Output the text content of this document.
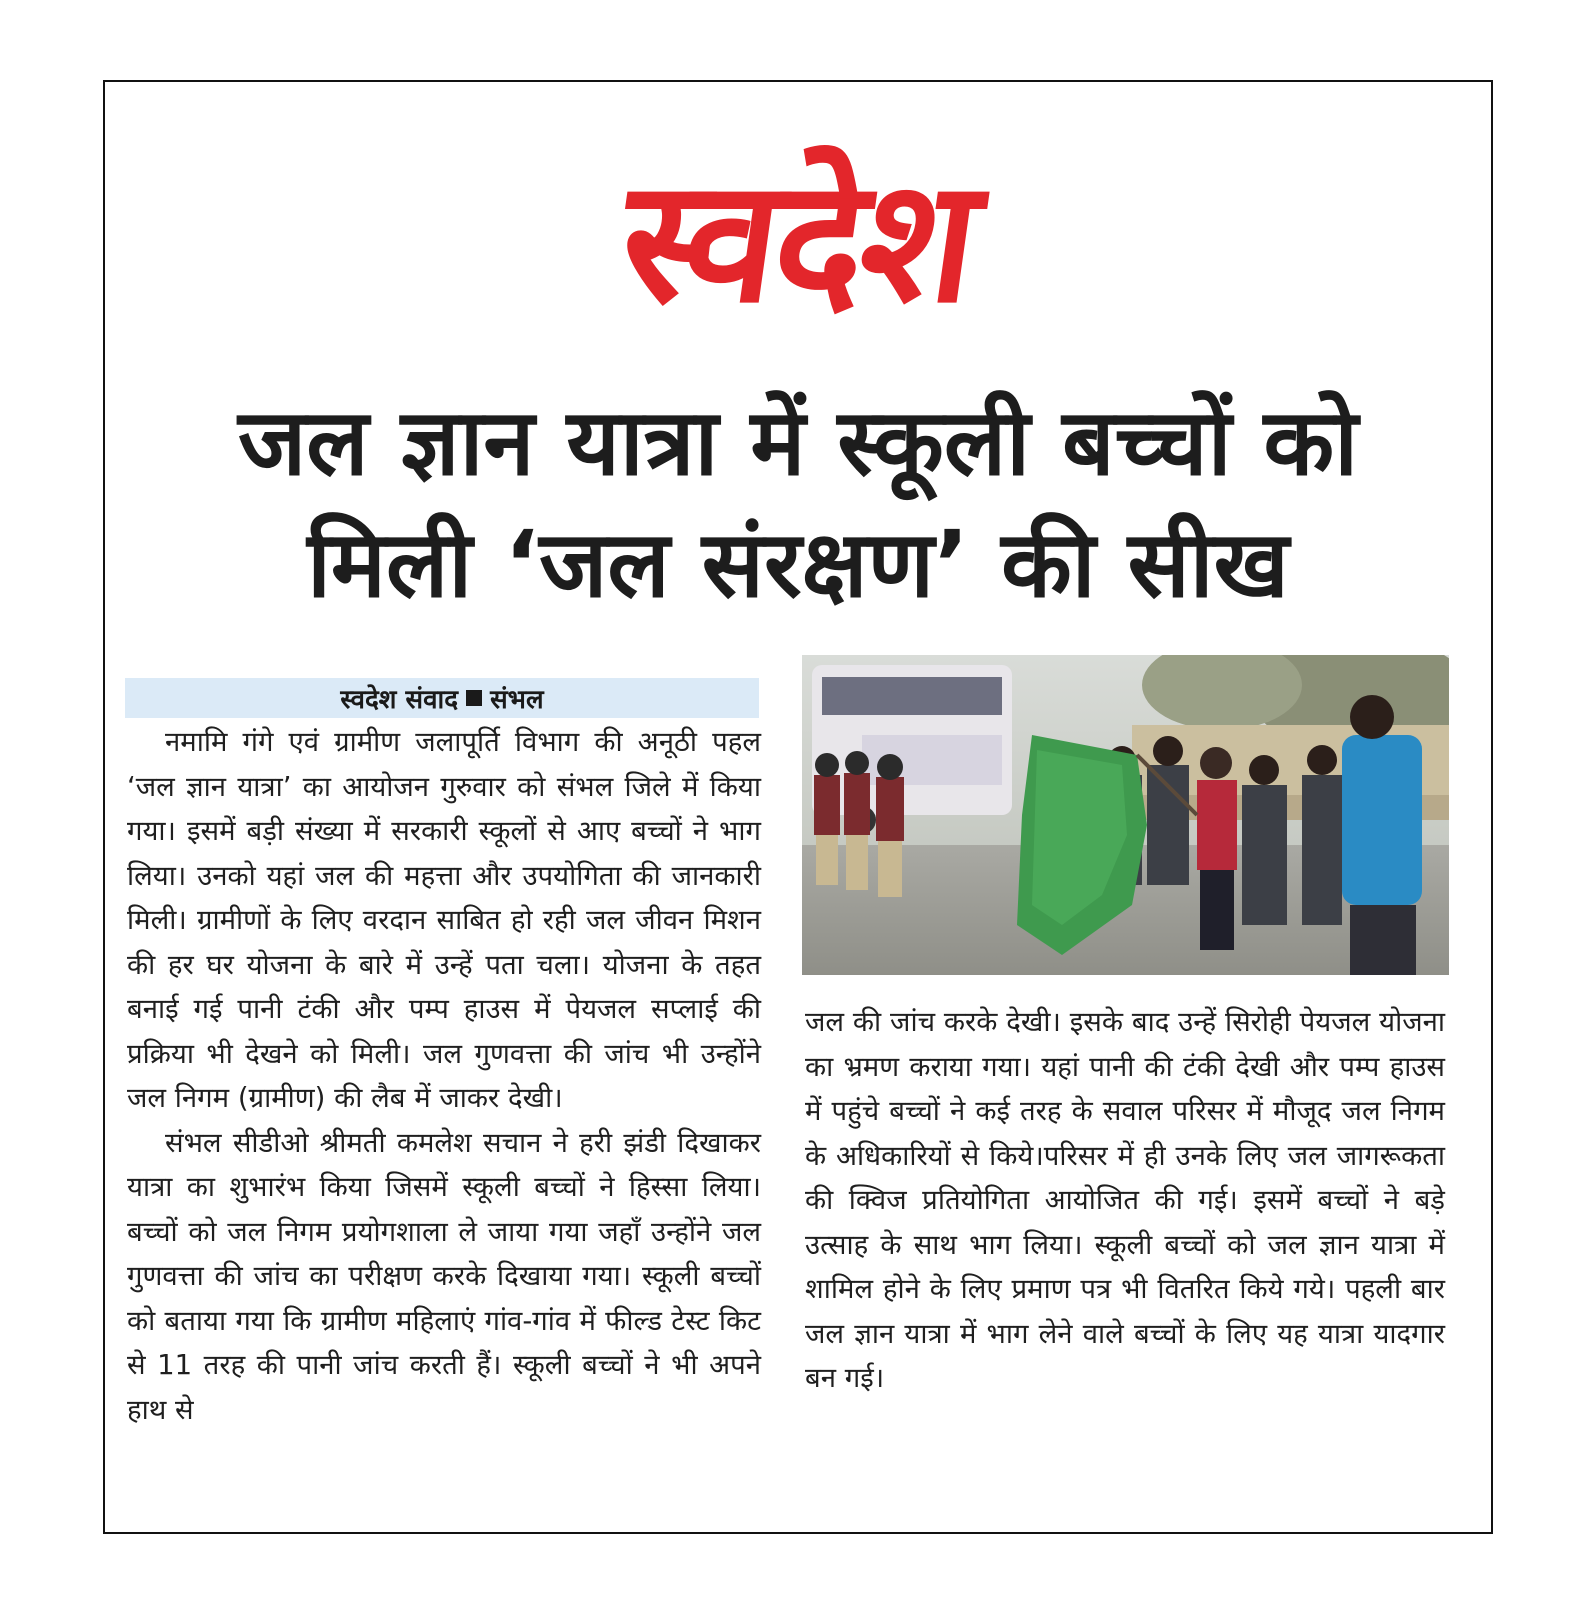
स्वदेश
जल ज्ञान यात्रा में स्कूली बच्चों को
मिली ‘जल संरक्षण’ की सीख
स्वदेश संवाद संभल

नमामि गंगे एवं ग्रामीण जलापूर्ति विभाग की अनूठी पहल ‘जल ज्ञान यात्रा’ का आयोजन गुरुवार को संभल जिले में किया गया। इसमें बड़ी संख्या में सरकारी स्कूलों से आए बच्चों ने भाग लिया। उनको यहां जल की महत्ता और उपयोगिता की जानकारी मिली। ग्रामीणों के लिए वरदान साबित हो रही जल जीवन मिशन की हर घर योजना के बारे में उन्हें पता चला। योजना के तहत बनाई गई पानी टंकी और पम्प हाउस में पेयजल सप्लाई की प्रक्रिया भी देखने को मिली। जल गुणवत्ता की जांच भी उन्होंने जल निगम (ग्रामीण) की लैब में जाकर देखी।

संभल सीडीओ श्रीमती कमलेश सचान ने हरी झंडी दिखाकर यात्रा का शुभारंभ किया जिसमें स्कूली बच्चों ने हिस्सा लिया। बच्चों को जल निगम प्रयोगशाला ले जाया गया जहाँ उन्होंने जल गुणवत्ता की जांच का परीक्षण करके दिखाया गया। स्कूली बच्चों को बताया गया कि ग्रामीण महिलाएं गांव-गांव में फील्ड टेस्ट किट से 11 तरह की पानी जांच करती हैं। स्कूली बच्चों ने भी अपने हाथ से

जल की जांच करके देखी। इसके बाद उन्हें सिरोही पेयजल योजना का भ्रमण कराया गया। यहां पानी की टंकी देखी और पम्प हाउस में पहुंचे बच्चों ने कई तरह के सवाल परिसर में मौजूद जल निगम के अधिकारियों से किये।परिसर में ही उनके लिए जल जागरूकता की क्विज प्रतियोगिता आयोजित की गई। इसमें बच्चों ने बड़े उत्साह के साथ भाग लिया। स्कूली बच्चों को जल ज्ञान यात्रा में शामिल होने के लिए प्रमाण पत्र भी वितरित किये गये। पहली बार जल ज्ञान यात्रा में भाग लेने वाले बच्चों के लिए यह यात्रा यादगार बन गई।
